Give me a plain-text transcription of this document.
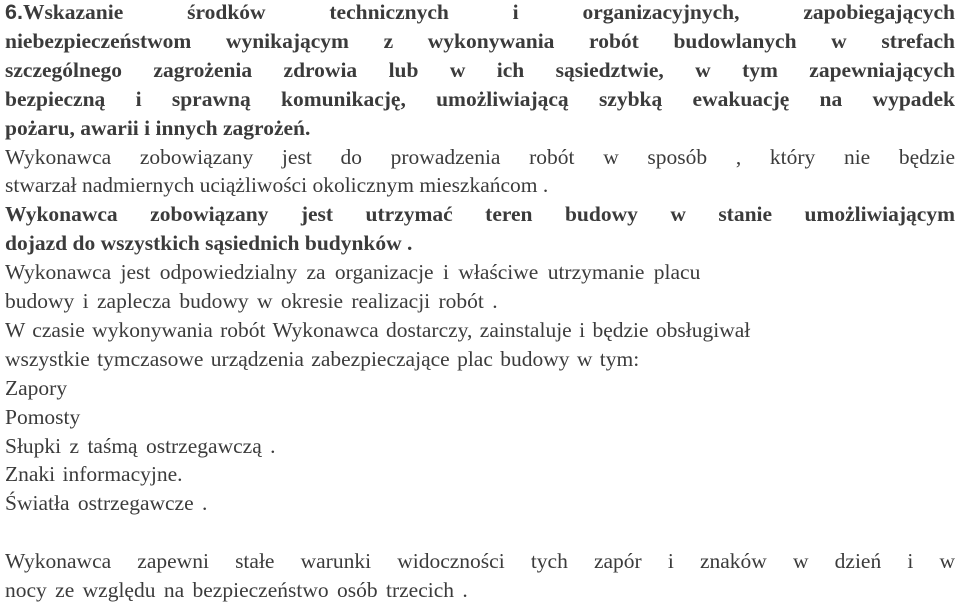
6.Wskazanie środków technicznych i organizacyjnych, zapobiegających

niebezpieczeństwom wynikającym z wykonywania robót budowlanych w strefach

szczególnego zagrożenia zdrowia lub w ich sąsiedztwie, w tym zapewniających

bezpieczną i sprawną komunikację, umożliwiającą szybką ewakuację na wypadek

pożaru, awarii i innych zagrożeń.

Wykonawca zobowiązany jest do prowadzenia robót w sposób , który nie będzie

stwarzał nadmiernych uciążliwości okolicznym mieszkańcom .

Wykonawca zobowiązany jest utrzymać teren budowy w stanie umożliwiającym

dojazd do wszystkich sąsiednich budynków .

Wykonawca jest odpowiedzialny za organizacje i właściwe utrzymanie placu

budowy i zaplecza budowy w okresie realizacji robót .

W czasie wykonywania robót Wykonawca dostarczy, zainstaluje i będzie obsługiwał

wszystkie tymczasowe urządzenia zabezpieczające plac budowy w tym:

Zapory

Pomosty

Słupki z taśmą ostrzegawczą .

Znaki informacyjne.

Światła ostrzegawcze .

Wykonawca zapewni stałe warunki widoczności tych zapór i znaków w dzień i w

nocy ze względu na bezpieczeństwo osób trzecich .
